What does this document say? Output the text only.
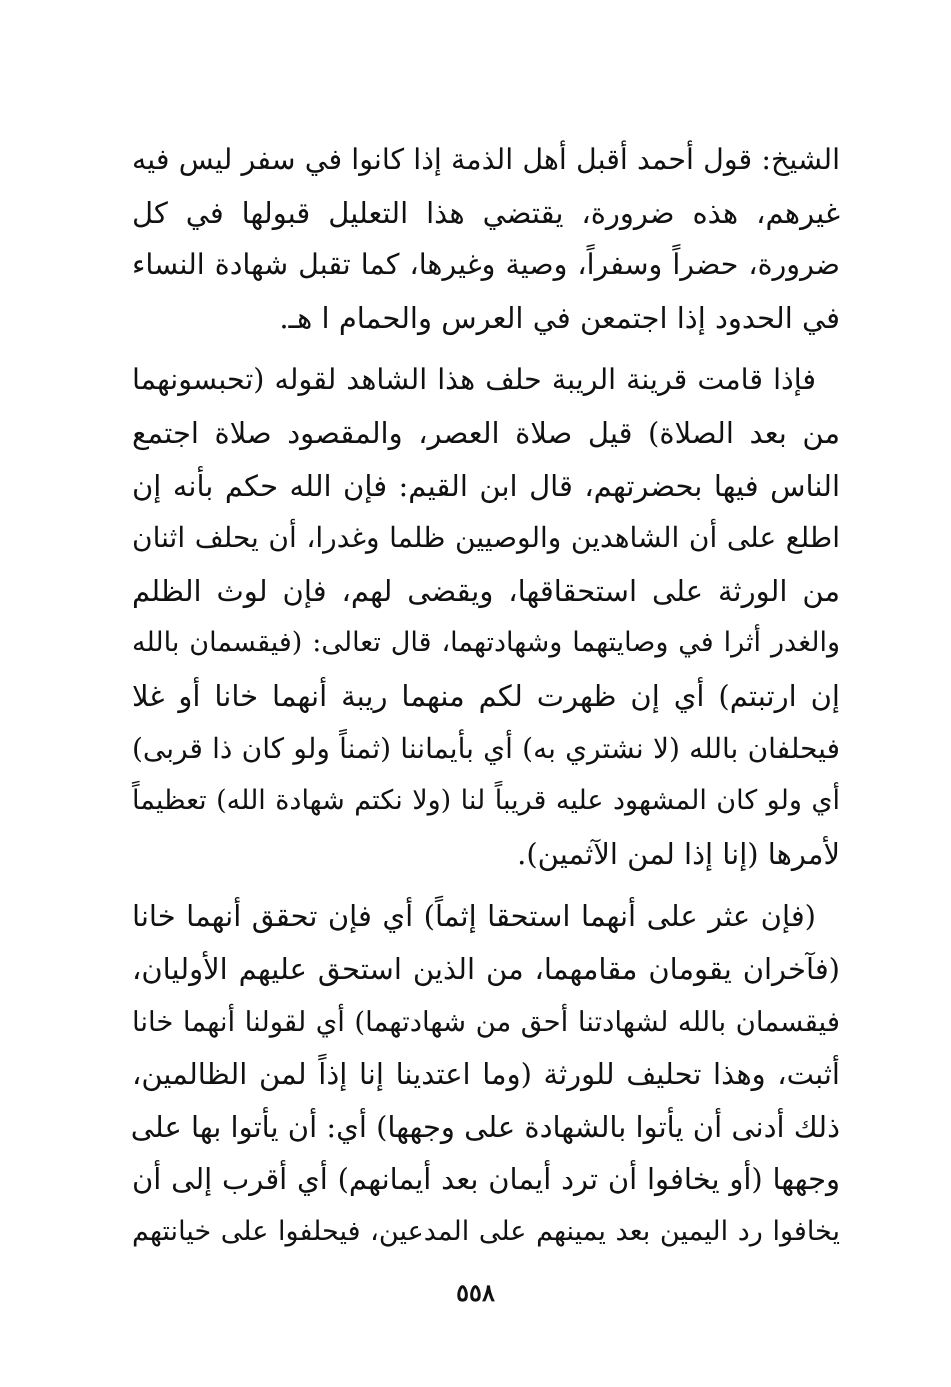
الشيخ: قول أحمد أقبل أهل الذمة إذا كانوا في سفر ليس فيه
غيرهم، هذه ضرورة، يقتضي هذا التعليل قبولها في كل
ضرورة، حضراً وسفراً، وصية وغيرها، كما تقبل شهادة النساء
في الحدود إذا اجتمعن في العرس والحمام ا هـ.
فإذا قامت قرينة الريبة حلف هذا الشاهد لقوله (تحبسونهما
من بعد الصلاة) قيل صلاة العصر، والمقصود صلاة اجتمع
الناس فيها بحضرتهم، قال ابن القيم: فإن الله حكم بأنه إن
اطلع على أن الشاهدين والوصيين ظلما وغدرا، أن يحلف اثنان
من الورثة على استحقاقها، ويقضى لهم، فإن لوث الظلم
والغدر أثرا في وصايتهما وشهادتهما، قال تعالى: (فيقسمان بالله
إن ارتبتم) أي إن ظهرت لكم منهما ريبة أنهما خانا أو غلا
فيحلفان بالله (لا نشتري به) أي بأيماننا (ثمناً ولو كان ذا قربى)
أي ولو كان المشهود عليه قريباً لنا (ولا نكتم شهادة الله) تعظيماً
لأمرها (إنا إذا لمن الآثمين).
(فإن عثر على أنهما استحقا إثماً) أي فإن تحقق أنهما خانا
(فآخران يقومان مقامهما، من الذين استحق عليهم الأوليان،
فيقسمان بالله لشهادتنا أحق من شهادتهما) أي لقولنا أنهما خانا
أثبت، وهذا تحليف للورثة (وما اعتدينا إنا إذاً لمن الظالمين،
ذلك أدنى أن يأتوا بالشهادة على وجهها) أي: أن يأتوا بها على
وجهها (أو يخافوا أن ترد أيمان بعد أيمانهم) أي أقرب إلى أن
يخافوا رد اليمين بعد يمينهم على المدعين، فيحلفوا على خيانتهم
٥٥٨
